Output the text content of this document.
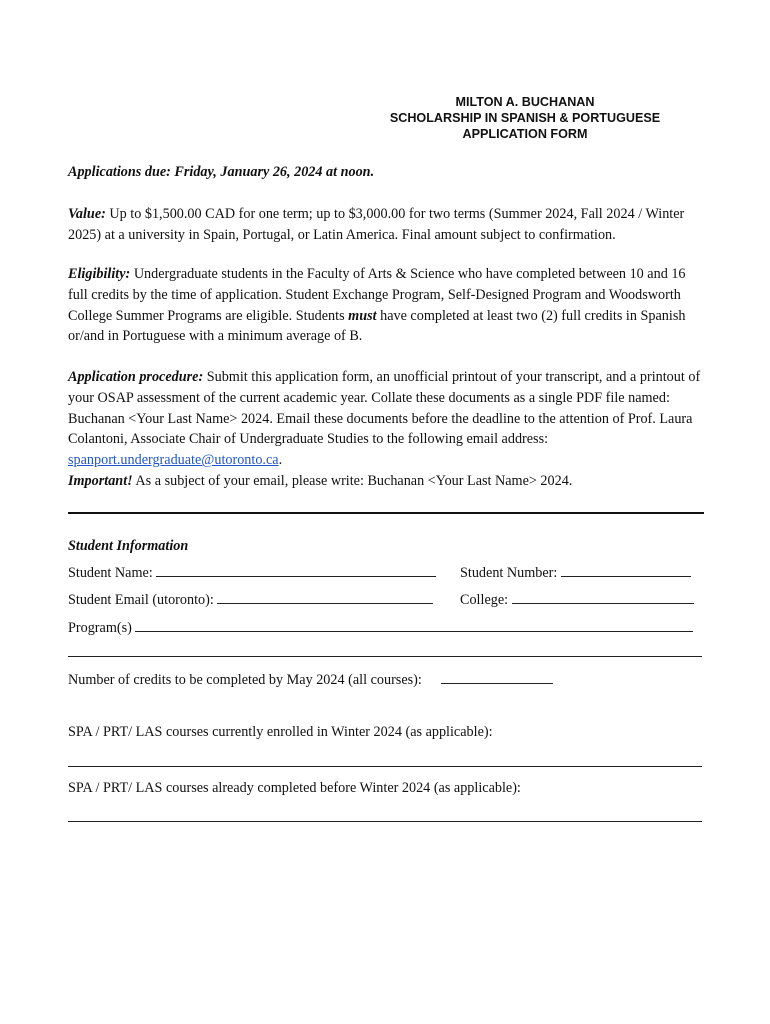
MILTON A. BUCHANAN
SCHOLARSHIP IN SPANISH & PORTUGUESE
APPLICATION FORM
Applications due: Friday, January 26, 2024 at noon.
Value: Up to $1,500.00 CAD for one term; up to $3,000.00 for two terms (Summer 2024, Fall 2024 / Winter 2025) at a university in Spain, Portugal, or Latin America. Final amount subject to confirmation.
Eligibility: Undergraduate students in the Faculty of Arts & Science who have completed between 10 and 16 full credits by the time of application. Student Exchange Program, Self-Designed Program and Woodsworth College Summer Programs are eligible. Students must have completed at least two (2) full credits in Spanish or/and in Portuguese with a minimum average of B.
Application procedure: Submit this application form, an unofficial printout of your transcript, and a printout of your OSAP assessment of the current academic year. Collate these documents as a single PDF file named: Buchanan <Your Last Name> 2024. Email these documents before the deadline to the attention of Prof. Laura Colantoni, Associate Chair of Undergraduate Studies to the following email address: spanport.undergraduate@utoronto.ca.
Important! As a subject of your email, please write: Buchanan <Your Last Name> 2024.
Student Information
Student Name:	Student Number:
Student Email (utoronto):	College:
Program(s)
Number of credits to be completed by May 2024 (all courses):
SPA / PRT/ LAS courses currently enrolled in Winter 2024 (as applicable):
SPA / PRT/ LAS courses already completed before Winter 2024 (as applicable):
